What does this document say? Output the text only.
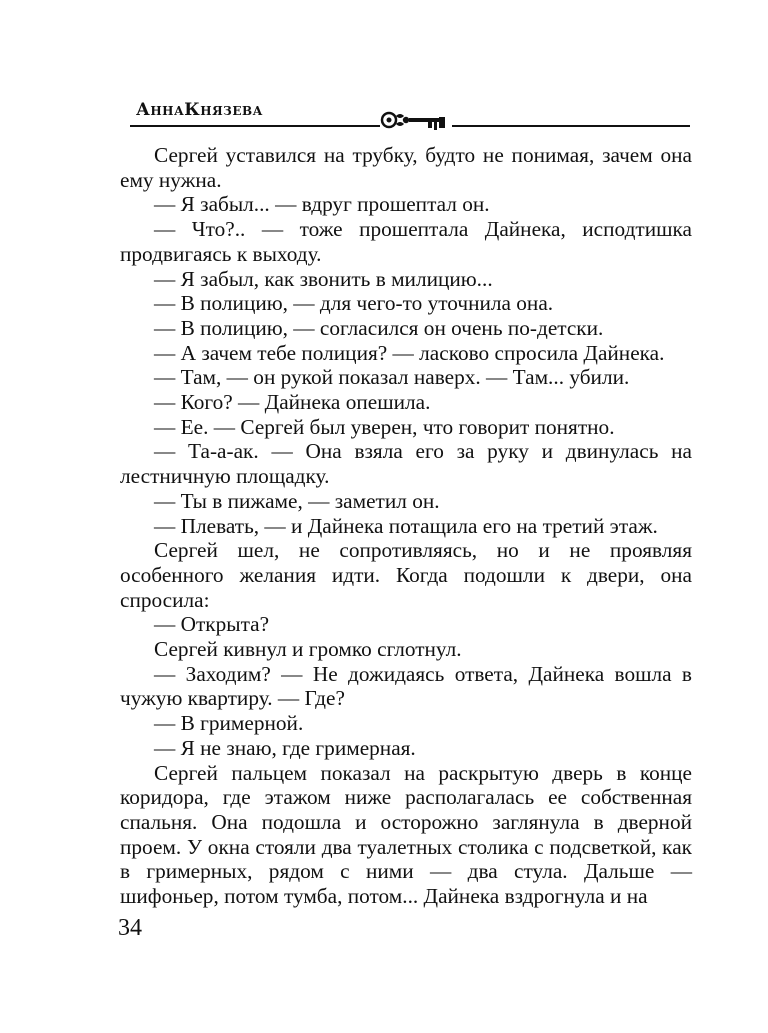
АннаКнязева

Сергей уставился на трубку, будто не понимая, зачем она ему нужна.

— Я забыл... — вдруг прошептал он.

— Что?.. — тоже прошептала Дайнека, исподтишка продвигаясь к выходу.

— Я забыл, как звонить в милицию...

— В полицию, — для чего-то уточнила она.

— В полицию, — согласился он очень по-детски.

— А зачем тебе полиция? — ласково спросила Дайнека.

— Там, — он рукой показал наверх. — Там... убили.

— Кого? — Дайнека опешила.

— Ее. — Сергей был уверен, что говорит понятно.

— Та-а-ак. — Она взяла его за руку и двинулась на лестничную площадку.

— Ты в пижаме, — заметил он.

— Плевать, — и Дайнека потащила его на третий этаж.

Сергей шел, не сопротивляясь, но и не проявляя особенного желания идти. Когда подошли к двери, она спросила:

— Открыта?

Сергей кивнул и громко сглотнул.

— Заходим? — Не дожидаясь ответа, Дайнека вошла в чужую квартиру. — Где?

— В гримерной.

— Я не знаю, где гримерная.

Сергей пальцем показал на раскрытую дверь в конце коридора, где этажом ниже располагалась ее собственная спальня. Она подошла и осторожно заглянула в дверной проем. У окна стояли два туалетных столика с подсветкой, как в гримерных, рядом с ними — два стула. Дальше — шифоньер, потом тумба, потом... Дайнека вздрогнула и на

34
